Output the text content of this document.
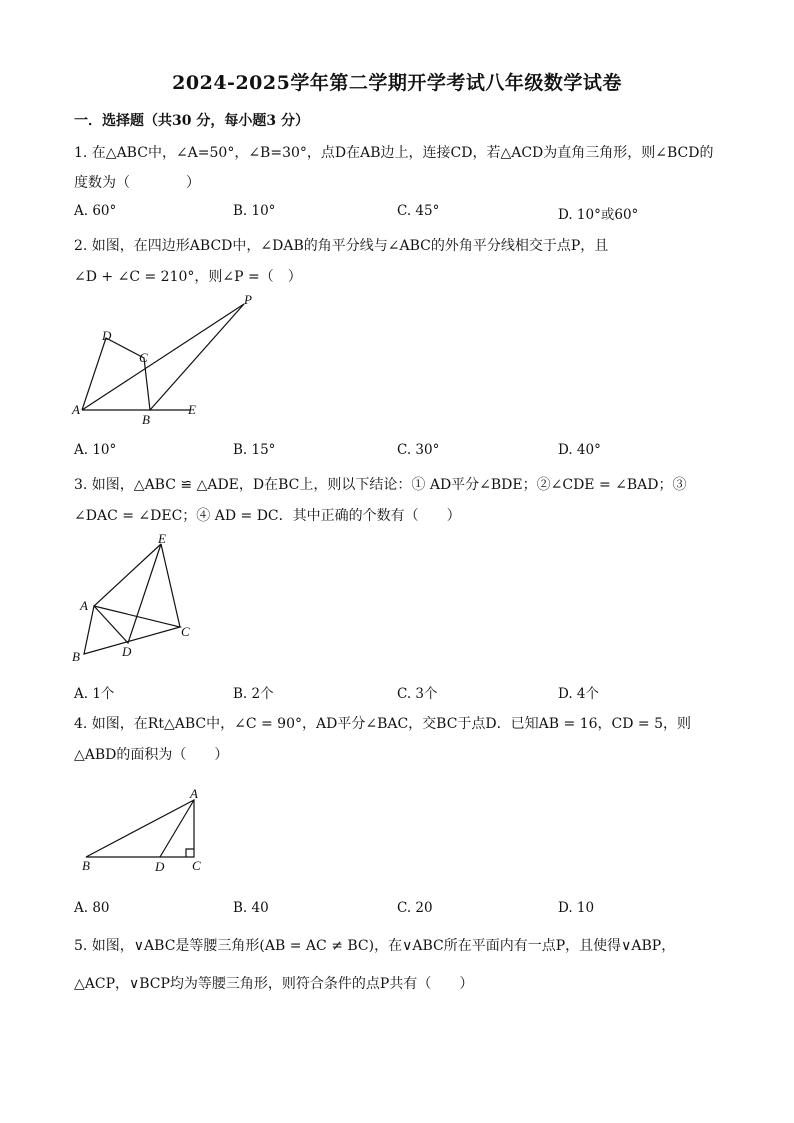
2024-2025学年第二学期开学考试八年级数学试卷
一．选择题（共30 分，每小题3 分）
1. 在△ABC中，∠A=50°，∠B=30°，点D在AB边上，连接CD，若△ACD为直角三角形，则∠BCD的
度数为（　　　　）
A. 60°	B. 10°	C. 45°	D. 10°或60°
2. 如图，在四边形ABCD中，∠DAB的角平分线与∠ABC的外角平分线相交于点P，且
∠D + ∠C = 210°，则∠P =（　）
D
C
A
B
E
P
A. 10°	B. 15°	C. 30°	D. 40°
3. 如图，△ABC ≌ △ADE，D在BC上，则以下结论：① AD平分∠BDE；②∠CDE = ∠BAD；③
∠DAC = ∠DEC；④ AD = DC．其中正确的个数有（　　）
E
A
C
B	D
A. 1个	B. 2个	C. 3个	D. 4个
4. 如图，在Rt△ABC中，∠C = 90°，AD平分∠BAC，交BC于点D．已知AB = 16，CD = 5，则
△ABD的面积为（　　）
A
B	D C
A. 80	B. 40	C. 20	D. 10
5. 如图，∨ABC是等腰三角形(AB = AC ≠ BC)，在∨ABC所在平面内有一点P，且使得∨ABP，
△ACP，∨BCP均为等腰三角形，则符合条件的点P共有（　　）
